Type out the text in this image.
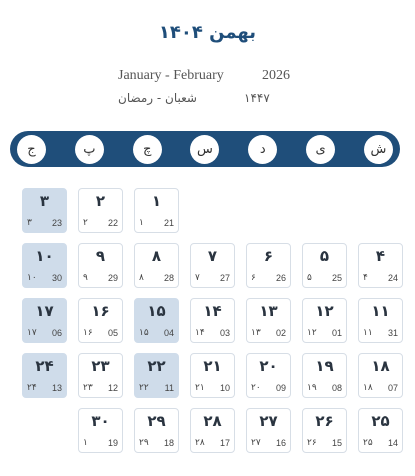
بهمن ۱۴۰۴
January - February	2026
شعبان - رمضان	۱۴۴۷
ش
ی
د
س
چ
پ
ج
۱
۱ 21
۲
۲ 22
۳
۳ 23
۴
۴ 24
۵
۵ 25
۶
۶ 26
۷
۷ 27
۸
۸ 28
۹
۹ 29
۱۰
۱۰ 30
۱۱
۱۱ 31
۱۲
۱۲ 01
۱۳
۱۳ 02
۱۴
۱۴ 03
۱۵
۱۵ 04
۱۶
۱۶ 05
۱۷
۱۷ 06
۱۸
۱۸ 07
۱۹
۱۹ 08
۲۰
۲۰ 09
۲۱
۲۱ 10
۲۲
۲۲ 11
۲۳
۲۳ 12
۲۴
۲۴ 13
۲۵
۲۵ 14
۲۶
۲۶ 15
۲۷
۲۷ 16
۲۸
۲۸ 17
۲۹
۲۹ 18
۳۰
۱ 19
